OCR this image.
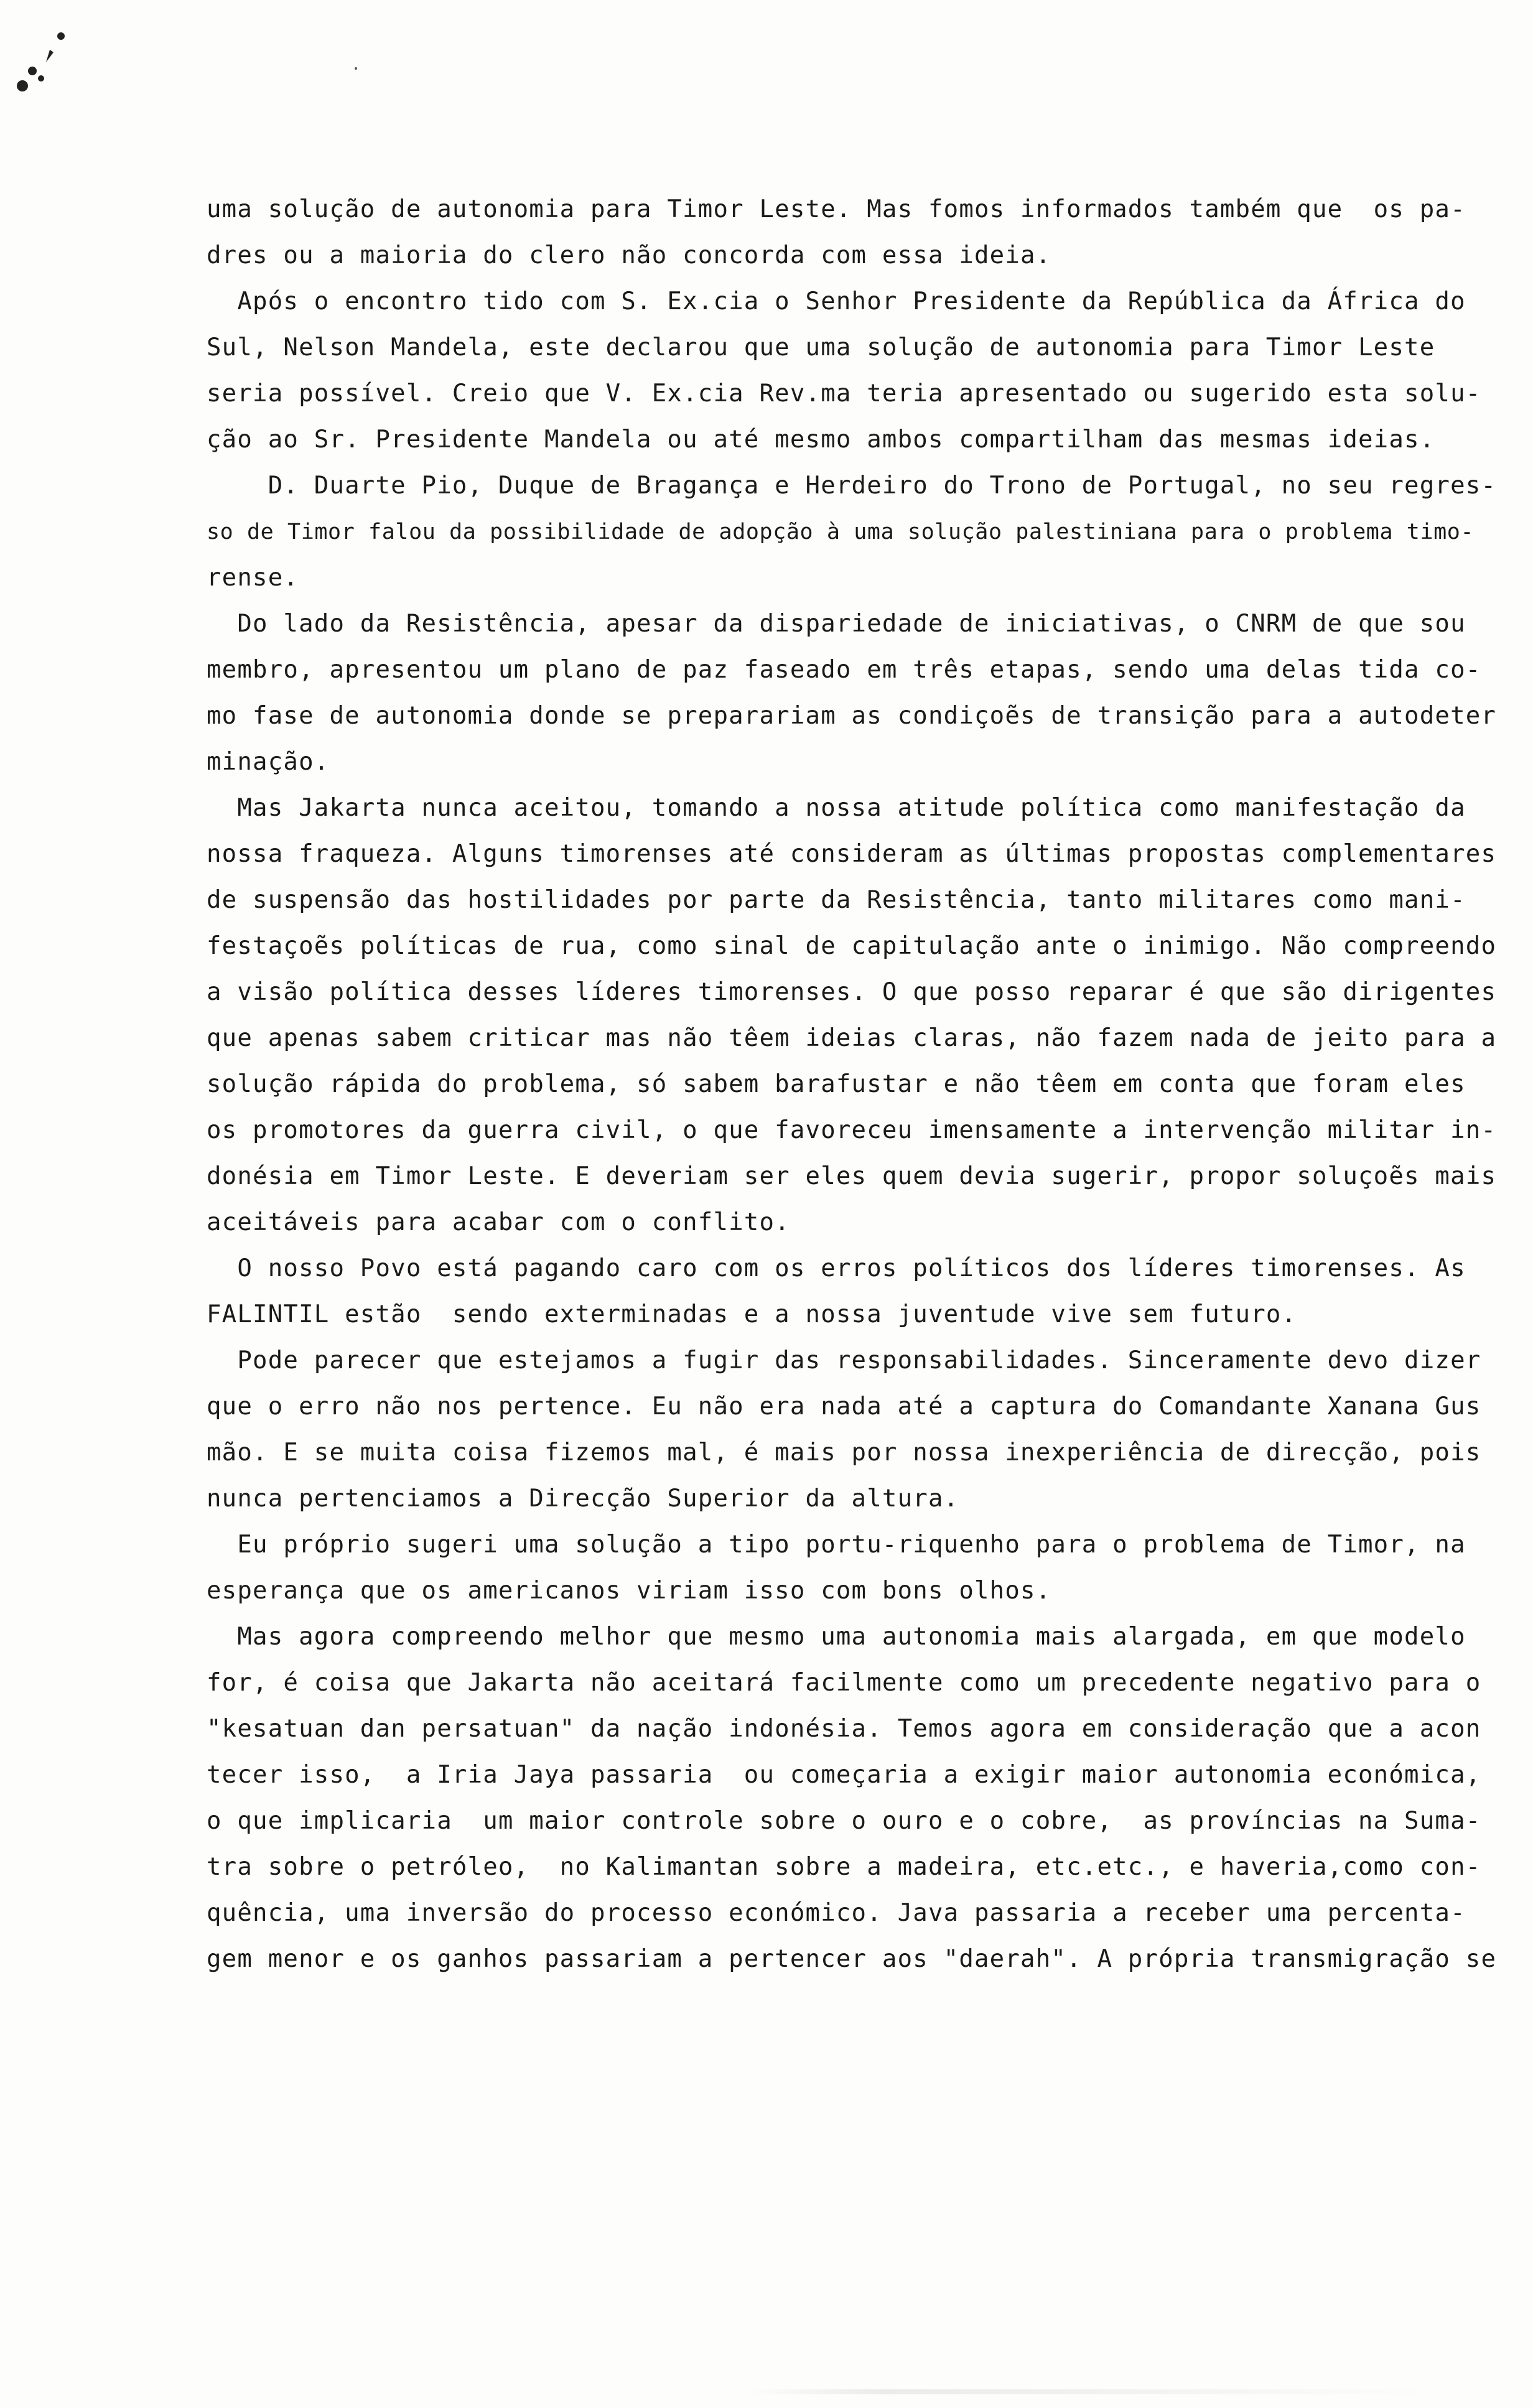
uma solução de autonomia para Timor Leste. Mas fomos informados também que  os pa-
dres ou a maioria do clero não concorda com essa ideia.
Após o encontro tido com S. Ex.cia o Senhor Presidente da República da África do
Sul, Nelson Mandela, este declarou que uma solução de autonomia para Timor Leste
seria possível. Creio que V. Ex.cia Rev.ma teria apresentado ou sugerido esta solu-
ção ao Sr. Presidente Mandela ou até mesmo ambos compartilham das mesmas ideias.
D. Duarte Pio, Duque de Bragança e Herdeiro do Trono de Portugal, no seu regres-
so de Timor falou da possibilidade de adopção à uma solução palestiniana para o problema timo-
rense.
Do lado da Resistência, apesar da dispariedade de iniciativas, o CNRM de que sou
membro, apresentou um plano de paz faseado em três etapas, sendo uma delas tida co-
mo fase de autonomia donde se preparariam as condiçoẽs de transição para a autodeter
minação.
Mas Jakarta nunca aceitou, tomando a nossa atitude política como manifestação da
nossa fraqueza. Alguns timorenses até consideram as últimas propostas complementares
de suspensão das hostilidades por parte da Resistência, tanto militares como mani-
festaçoẽs políticas de rua, como sinal de capitulação ante o inimigo. Não compreendo
a visão política desses líderes timorenses. O que posso reparar é que são dirigentes
que apenas sabem criticar mas não têem ideias claras, não fazem nada de jeito para a
solução rápida do problema, só sabem barafustar e não têem em conta que foram eles
os promotores da guerra civil, o que favoreceu imensamente a intervenção militar in-
donésia em Timor Leste. E deveriam ser eles quem devia sugerir, propor soluçoẽs mais
aceitáveis para acabar com o conflito.
O nosso Povo está pagando caro com os erros políticos dos líderes timorenses. As
FALINTIL estão  sendo exterminadas e a nossa juventude vive sem futuro.
Pode parecer que estejamos a fugir das responsabilidades. Sinceramente devo dizer
que o erro não nos pertence. Eu não era nada até a captura do Comandante Xanana Gus
mão. E se muita coisa fizemos mal, é mais por nossa inexperiência de direcção, pois
nunca pertenciamos a Direcção Superior da altura.
Eu próprio sugeri uma solução a tipo portu-riquenho para o problema de Timor, na
esperança que os americanos viriam isso com bons olhos.
Mas agora compreendo melhor que mesmo uma autonomia mais alargada, em que modelo
for, é coisa que Jakarta não aceitará facilmente como um precedente negativo para o
"kesatuan dan persatuan" da nação indonésia. Temos agora em consideração que a acon
tecer isso,  a Iria Jaya passaria  ou começaria a exigir maior autonomia económica,
o que implicaria  um maior controle sobre o ouro e o cobre,  as províncias na Suma-
tra sobre o petróleo,  no Kalimantan sobre a madeira, etc.etc., e haveria,como con-
quência, uma inversão do processo económico. Java passaria a receber uma percenta-
gem menor e os ganhos passariam a pertencer aos "daerah". A própria transmigração se
